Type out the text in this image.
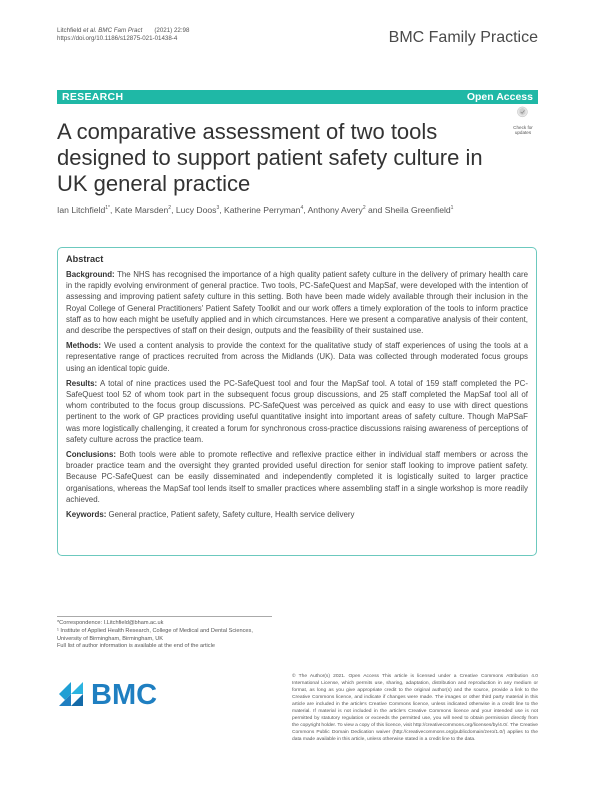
Litchfield et al. BMC Fam Pract (2021) 22:98
https://doi.org/10.1186/s12875-021-01438-4	BMC Family Practice
RESEARCH	Open Access
Check for
updates
A comparative assessment of two tools designed to support patient safety culture in UK general practice
Ian Litchfield$^{1*}$, Kate Marsden$^2$, Lucy Doos$^3$, Katherine Perryman$^4$, Anthony Avery$^2$ and Sheila Greenfield$^1$
Abstract
Background: The NHS has recognised the importance of a high quality patient safety culture in the delivery of primary health care in the rapidly evolving environment of general practice. Two tools, PC-SafeQuest and MapSaf, were developed with the intention of assessing and improving patient safety culture in this setting. Both have been made widely available through their inclusion in the Royal College of General Practitioners' Patient Safety Toolkit and our work offers a timely exploration of the tools to inform practice staff as to how each might be usefully applied and in which circumstances. Here we present a comparative analysis of their content, and describe the perspectives of staff on their design, outputs and the feasibility of their sustained use.
Methods: We used a content analysis to provide the context for the qualitative study of staff experiences of using the tools at a representative range of practices recruited from across the Midlands (UK). Data was collected through moderated focus groups using an identical topic guide.
Results: A total of nine practices used the PC-SafeQuest tool and four the MapSaf tool. A total of 159 staff completed the PC-SafeQuest tool 52 of whom took part in the subsequent focus group discussions, and 25 staff completed the MapSaf tool all of whom contributed to the focus group discussions. PC-SafeQuest was perceived as quick and easy to use with direct questions pertinent to the work of GP practices providing useful quantitative insight into important areas of safety culture. Though MaPSaF was more logistically challenging, it created a forum for synchronous cross-practice discussions raising awareness of perceptions of safety culture across the practice team.
Conclusions: Both tools were able to promote reflective and reflexive practice either in individual staff members or across the broader practice team and the oversight they granted provided useful direction for senior staff looking to improve patient safety. Because PC-SafeQuest can be easily disseminated and independently completed it is logistically suited to larger practice organisations, whereas the MapSaf tool lends itself to smaller practices where assembling staff in a single workshop is more readily achieved.
Keywords: General practice, Patient safety, Safety culture, Health service delivery
*Correspondence: I.Litchfield@bham.ac.uk
¹ Institute of Applied Health Research, College of Medical and Dental Sciences, University of Birmingham, Birmingham, UK
Full list of author information is available at the end of the article
BMC
© The Author(s) 2021. Open Access This article is licensed under a Creative Commons Attribution 4.0 International License, which permits use, sharing, adaptation, distribution and reproduction in any medium or format, as long as you give appropriate credit to the original author(s) and the source, provide a link to the Creative Commons licence, and indicate if changes were made. The images or other third party material in this article are included in the article's Creative Commons licence, unless indicated otherwise in a credit line to the material. If material is not included in the article's Creative Commons licence and your intended use is not permitted by statutory regulation or exceeds the permitted use, you will need to obtain permission directly from the copyright holder. To view a copy of this licence, visit http://creativecommons.org/licenses/by/4.0/. The Creative Commons Public Domain Dedication waiver (http://creativecommons.org/publicdomain/zero/1.0/) applies to the data made available in this article, unless otherwise stated in a credit line to the data.
